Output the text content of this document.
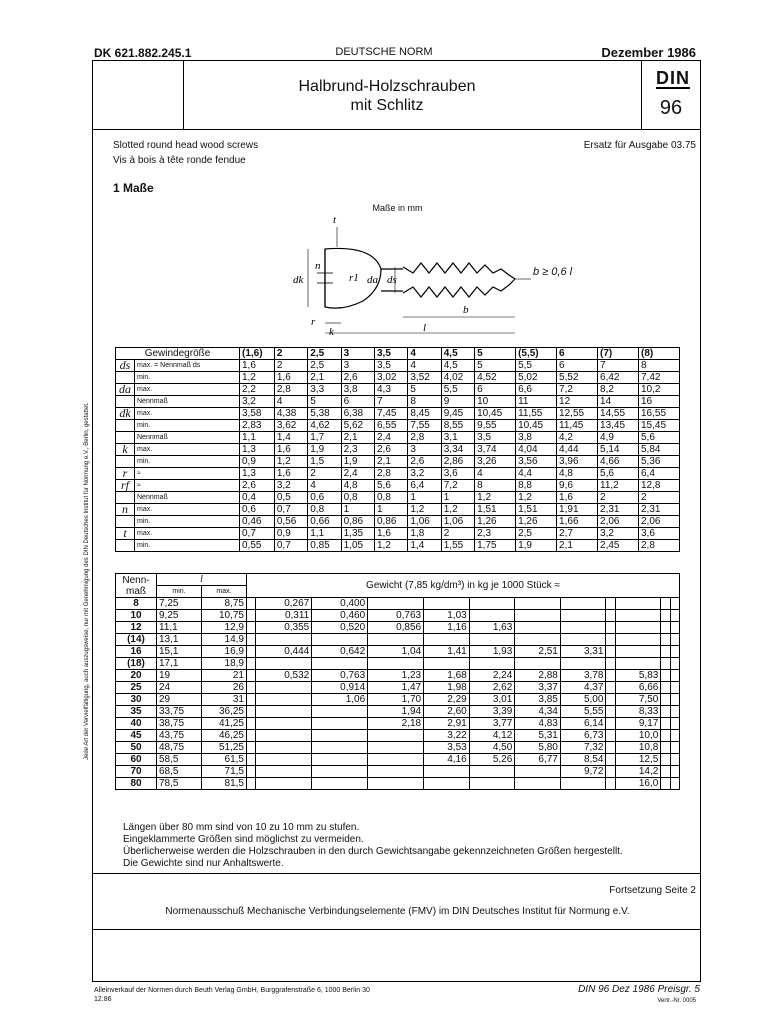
DK 621.882.245.1	DEUTSCHE NORM	Dezember 1986
Jede Art der Vervielfältigung, auch auszugsweise, nur mit Genehmigung des DIN Deutsches Institut für Normung e.V., Berlin, gestattet.
Halbrund-Holzschrauben
mit Schlitz
DIN
96
Slotted round head wood screws
Vis à bois à tête ronde fendue
Ersatz für Ausgabe 03.75
1 Maße
Maße in mm
t
dk
n
r1 da ds
b
r
k	l
b ≥ 0,6 l
Gewindegröße		(1,6)	2	2,5	3	3,5	4	4,5	5	(5,5)	6	(7)	(8)
ds	max. = Nennmaß ds	1,6	2	2,5	3	3,5	4	4,5	5	5,5	6	7	8
	min.	1,2	1,6	2,1	2,6	3,02	3,52	4,02	4,52	5,02	5,52	6,42	7,42
da	max.	2,2	2,8	3,3	3,8	4,3	5	5,5	6	6,6	7,2	8,2	10,2
	Nennmaß	3,2	4	5	6	7	8	9	10	11	12	14	16
dk	max.	3,58	4,38	5,38	6,38	7,45	8,45	9,45	10,45	11,55	12,55	14,55	16,55
	min.	2,83	3,62	4,62	5,62	6,55	7,55	8,55	9,55	10,45	11,45	13,45	15,45
	Nennmaß	1,1	1,4	1,7	2,1	2,4	2,8	3,1	3,5	3,8	4,2	4,9	5,6
k	max.	1,3	1,6	1,9	2,3	2,6	3	3,34	3,74	4,04	4,44	5,14	5,84
	min.	0,9	1,2	1,5	1,9	2,1	2,6	2,86	3,26	3,56	3,96	4,66	5,36
r	≈	1,3	1,6	2	2,4	2,8	3,2	3,6	4	4,4	4,8	5,6	6,4
rf	≈	2,6	3,2	4	4,8	5,6	6,4	7,2	8	8,8	9,6	11,2	12,8
	Nennmaß	0,4	0,5	0,6	0,8	0,8	1	1	1,2	1,2	1,6	2	2
n	max.	0,6	0,7	0,8	1	1	1,2	1,2	1,51	1,51	1,91	2,31	2,31
	min.	0,46	0,56	0,66	0,86	0,86	1,06	1,06	1,26	1,26	1,66	2,06	2,06
t	max.	0,7	0,9	1,1	1,35	1,6	1,8	2	2,3	2,5	2,7	3,2	3,6
	min.	0,55	0,7	0,85	1,05	1,2	1,4	1,55	1,75	1,9	2,1	2,45	2,8
Nenn-
maß	l		Gewicht (7,85 kg/dm³) in kg je 1000 Stück ≈											
	min.	max.												
8	7,25	8,75		0,267	0,400									
10	9,25	10,75		0,311	0,460	0,763	1,03							
12	11,1	12,9		0,355	0,520	0,856	1,16	1,63						
(14)	13,1	14,9												
16	15,1	16,9		0,444	0,642	1,04	1,41	1,93	2,51	3,31				
(18)	17,1	18,9												
20	19	21		0,532	0,763	1,23	1,68	2,24	2,88	3,78		5,83		
25	24	26			0,914	1,47	1,98	2,62	3,37	4,37		6,66		
30	29	31			1,06	1,70	2,29	3,01	3,85	5,00		7,50		
35	33,75	36,25				1,94	2,60	3,39	4,34	5,55		8,33		
40	38,75	41,25				2,18	2,91	3,77	4,83	6,14		9,17		
45	43,75	46,25					3,22	4,12	5,31	6,73		10,0		
50	48,75	51,25					3,53	4,50	5,80	7,32		10,8		
60	58,5	61,5					4,16	5,26	6,77	8,54		12,5		
70	68,5	71,5								9,72		14,2		
80	78,5	81,5										16,0		
Längen über 80 mm sind von 10 zu 10 mm zu stufen.
Eingeklammerte Größen sind möglichst zu vermeiden.
Überlicherweise werden die Holzschrauben in den durch Gewichtsangabe gekennzeichneten Größen hergestellt.
Die Gewichte sind nur Anhaltswerte.
Fortsetzung Seite 2
Normenausschuß Mechanische Verbindungselemente (FMV) im DIN Deutsches Institut für Normung e.V.
Alleinverkauf der Normen durch Beuth Verlag GmbH, Burggrafenstraße 6, 1000 Berlin 30
12.86
DIN 96 Dez 1986 Preisgr. 5
Vertr.-Nr. 0005
